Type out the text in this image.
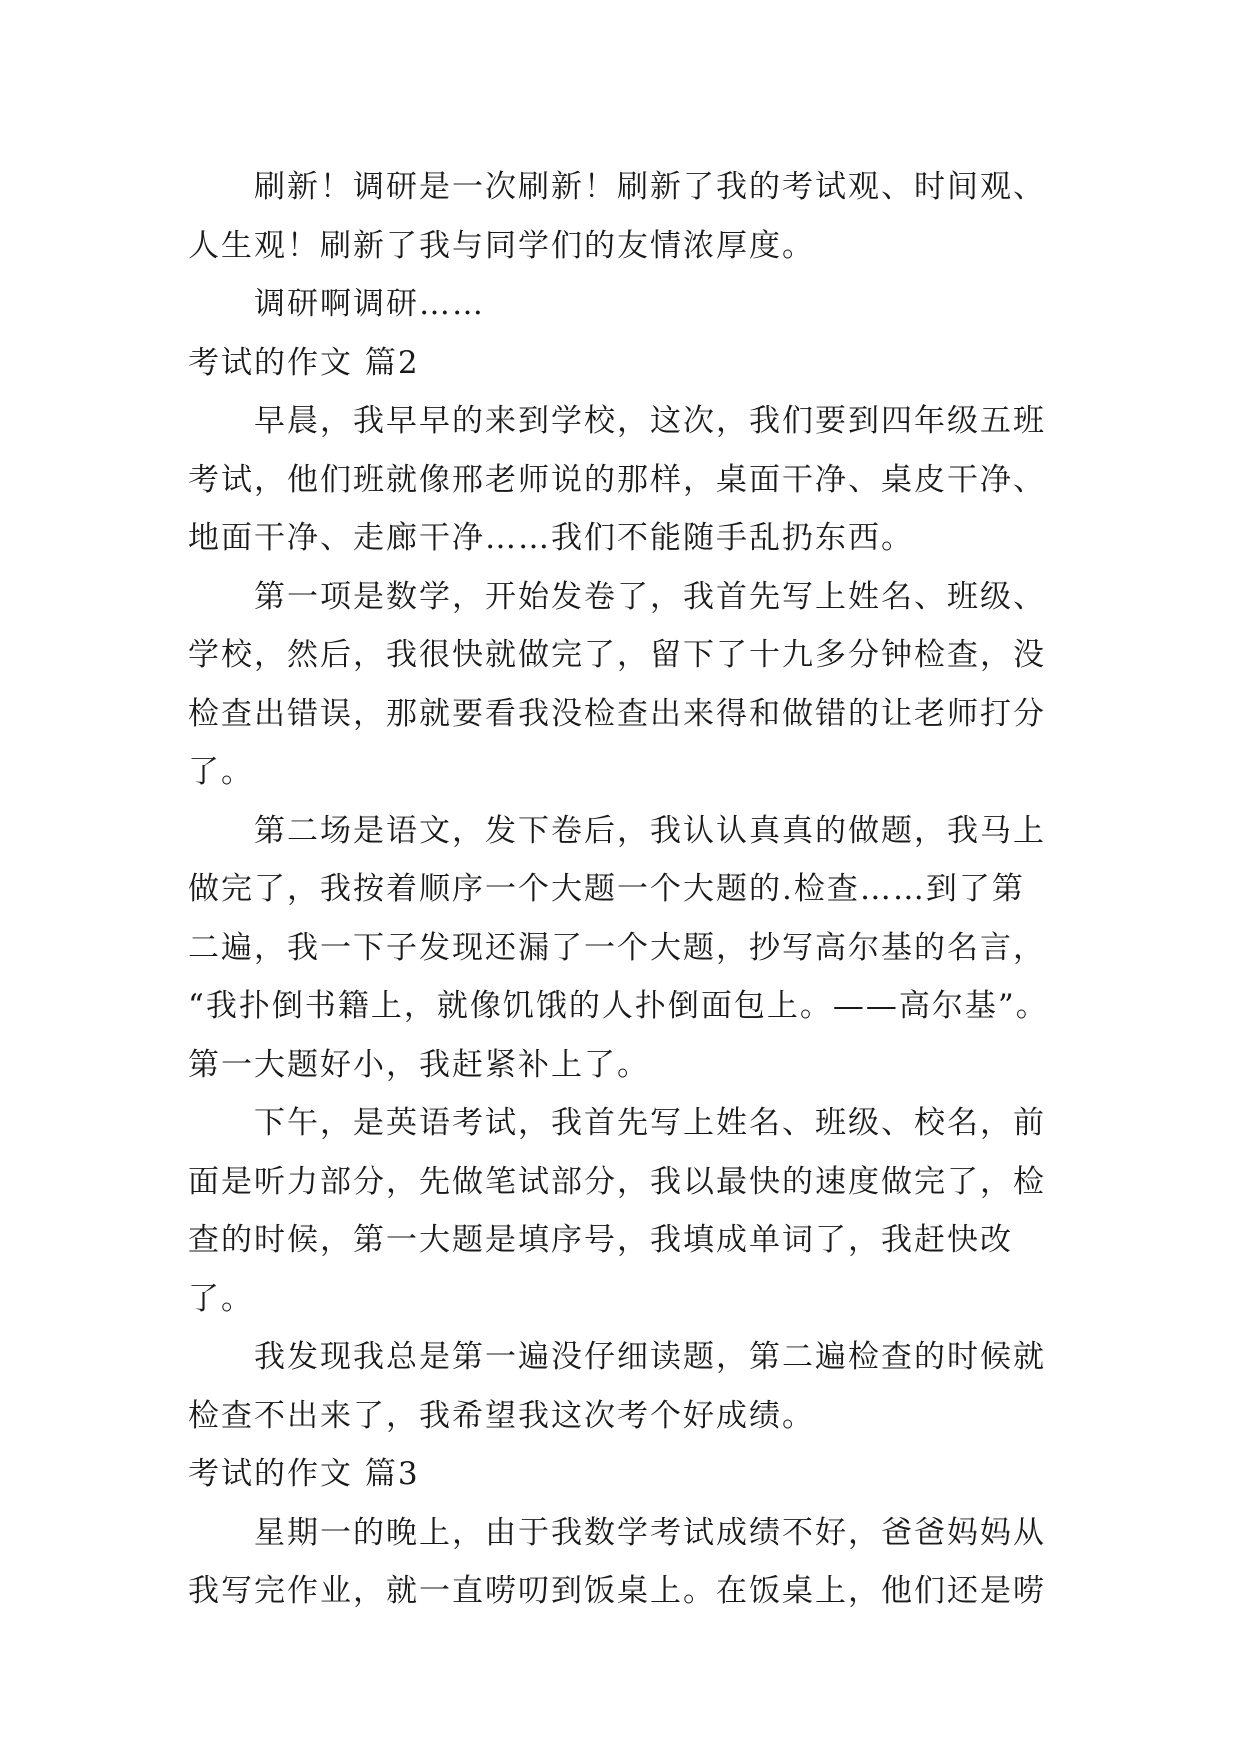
刷新！调研是一次刷新！刷新了我的考试观、时间观、
人生观！刷新了我与同学们的友情浓厚度。

调研啊调研……

考试的作文 篇2

早晨，我早早的来到学校，这次，我们要到四年级五班
考试，他们班就像邢老师说的那样，桌面干净、桌皮干净、
地面干净、走廊干净……我们不能随手乱扔东西。

第一项是数学，开始发卷了，我首先写上姓名、班级、
学校，然后，我很快就做完了，留下了十九多分钟检查，没
检查出错误，那就要看我没检查出来得和做错的让老师打分
了。

第二场是语文，发下卷后，我认认真真的做题，我马上
做完了，我按着顺序一个大题一个大题的.检查……到了第
二遍，我一下子发现还漏了一个大题，抄写高尔基的名言，
“我扑倒书籍上，就像饥饿的人扑倒面包上。——高尔基”。
第一大题好小，我赶紧补上了。

下午，是英语考试，我首先写上姓名、班级、校名，前
面是听力部分，先做笔试部分，我以最快的速度做完了，检
查的时候，第一大题是填序号，我填成单词了，我赶快改了。

我发现我总是第一遍没仔细读题，第二遍检查的时候就
检查不出来了，我希望我这次考个好成绩。

考试的作文 篇3

星期一的晚上，由于我数学考试成绩不好，爸爸妈妈从
我写完作业，就一直唠叨到饭桌上。在饭桌上，他们还是唠
